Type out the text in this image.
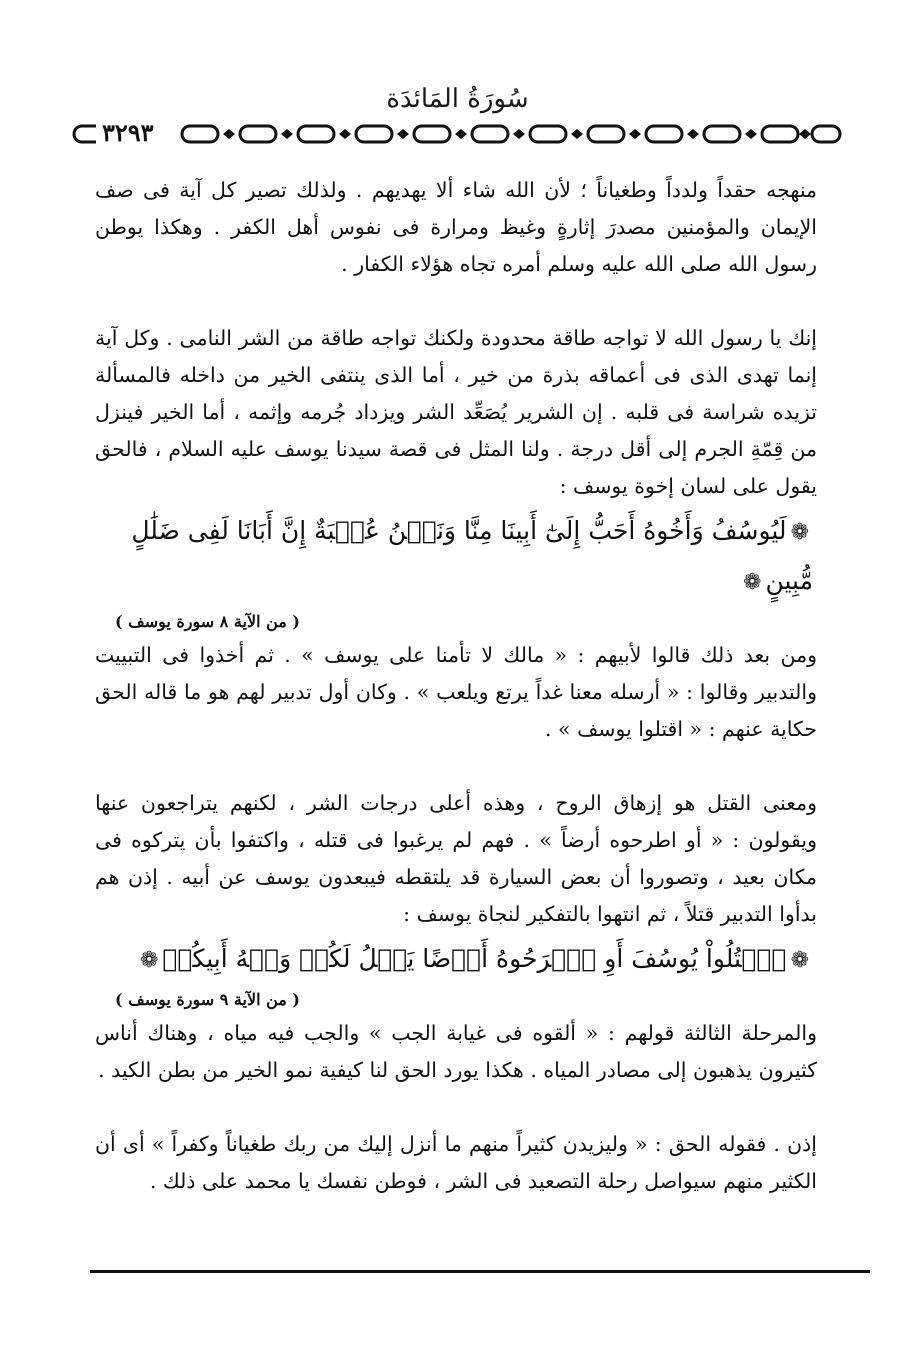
سُورَةُ المَائدَة
٣٢٩٣

منهجه حقداً ولدداً وطغياناً ؛ لأن الله شاء ألا يهديهم . ولذلك تصير كل آية فى صف الإيمان والمؤمنين مصدرَ إثارةٍ وغيظ ومرارة فى نفوس أهل الكفر . وهكذا يوطن رسول الله صلى الله عليه وسلم أمره تجاه هؤلاء الكفار .

إنك يا رسول الله لا تواجه طاقة محدودة ولكنك تواجه طاقة من الشر النامى . وكل آية إنما تهدى الذى فى أعماقه بذرة من خير ، أما الذى ينتفى الخير من داخله فالمسألة تزيده شراسة فى قلبه . إن الشرير يُصَعِّد الشر ويزداد جُرمه وإثمه ، أما الخير فينزل من قِمّةِ الجرم إلى أقل درجة . ولنا المثل فى قصة سيدنا يوسف عليه السلام ، فالحق يقول على لسان إخوة يوسف :

❁لَيُوسُفُ وَأَخُوهُ أَحَبُّ إِلَىٰٓ أَبِينَا مِنَّا وَنَحۡنُ عُصۡبَةٌ إِنَّ أَبَانَا لَفِى ضَلَٰلٍ مُّبِينٍ❁
( من الآية ٨ سورة يوسف )

ومن بعد ذلك قالوا لأبيهم : « مالك لا تأمنا على يوسف » . ثم أخذوا فى التبييت والتدبير وقالوا : « أرسله معنا غداً يرتع ويلعب » . وكان أول تدبير لهم هو ما قاله الحق حكاية عنهم : « اقتلوا يوسف » .

ومعنى القتل هو إزهاق الروح ، وهذه أعلى درجات الشر ، لكنهم يتراجعون عنها ويقولون : « أو اطرحوه أرضاً » . فهم لم يرغبوا فى قتله ، واكتفوا بأن يتركوه فى مكان بعيد ، وتصوروا أن بعض السيارة قد يلتقطه فيبعدون يوسف عن أبيه . إذن هم بدأوا التدبير قتلاً ، ثم انتهوا بالتفكير لنجاة يوسف :

❁ٱقۡتُلُواْ يُوسُفَ أَوِ ٱطۡرَحُوهُ أَرۡضًا يَخۡلُ لَكُمۡ وَجۡهُ أَبِيكُمۡ❁
( من الآية ٩ سورة يوسف )

والمرحلة الثالثة قولهم : « ألقوه فى غيابة الجب » والجب فيه مياه ، وهناك أناس كثيرون يذهبون إلى مصادر المياه . هكذا يورد الحق لنا كيفية نمو الخير من بطن الكيد .

إذن . فقوله الحق : « وليزيدن كثيراً منهم ما أنزل إليك من ربك طغياناً وكفراً » أى أن الكثير منهم سيواصل رحلة التصعيد فى الشر ، فوطن نفسك يا محمد على ذلك .
